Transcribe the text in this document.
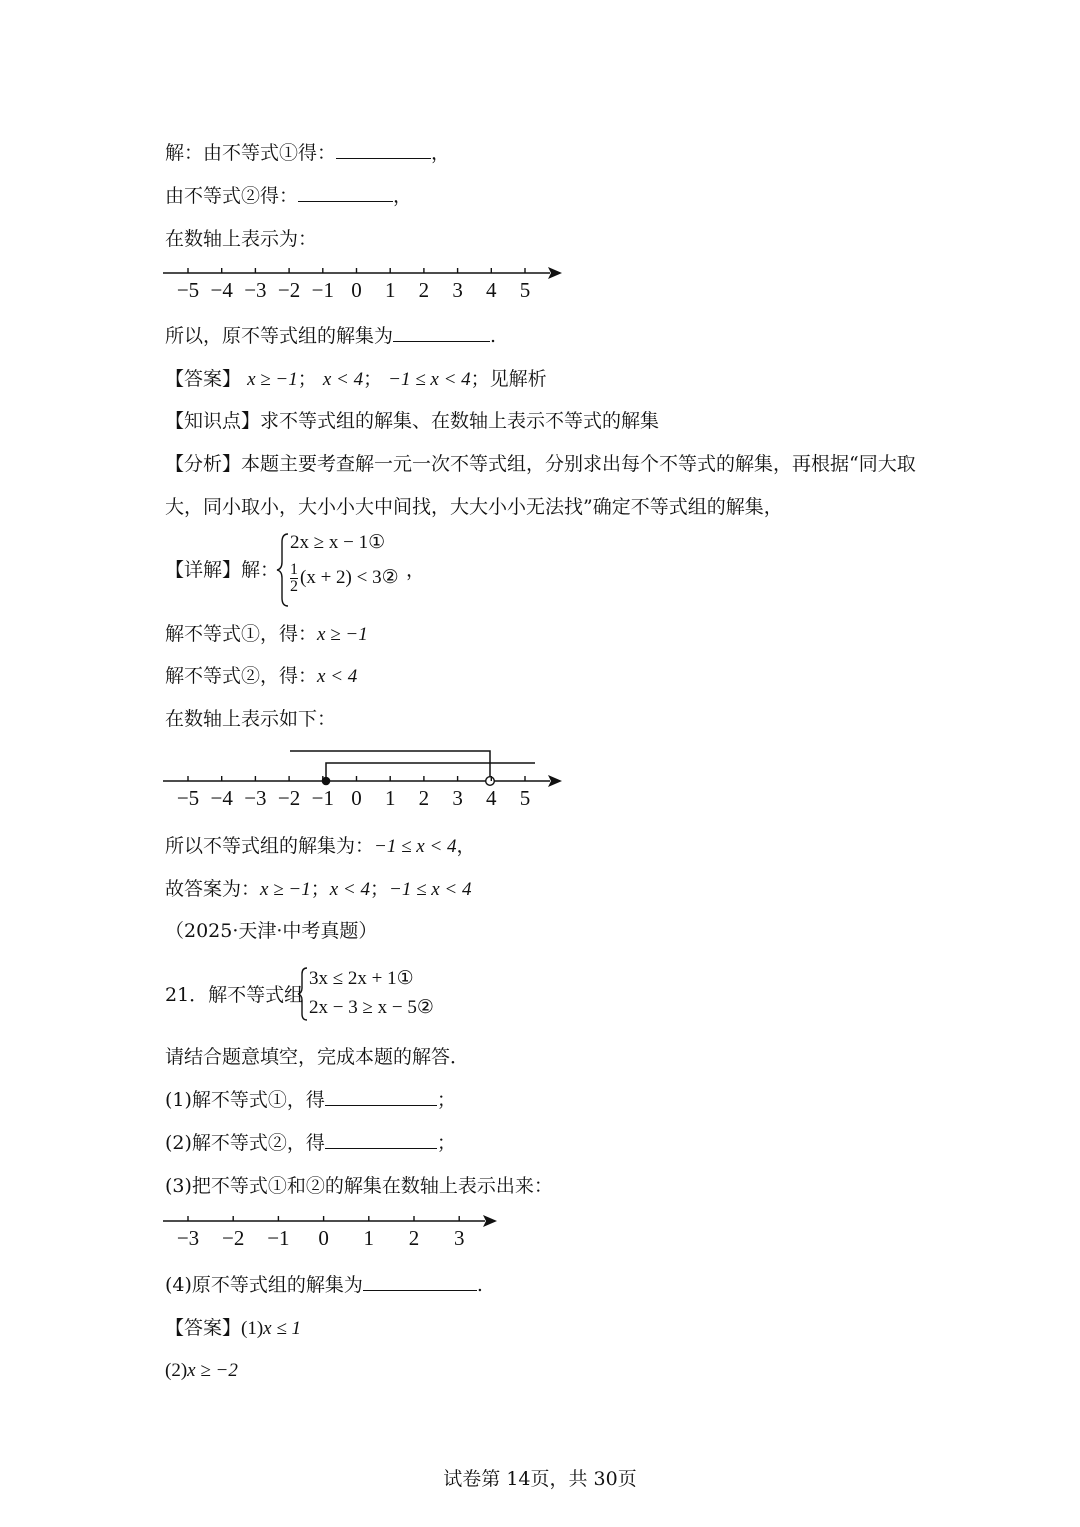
解：由不等式①得：	，
由不等式②得：	，
在数轴上表示为：
−5 −4 −3 −2 −1 0 1 2 3 4 5
所以，原不等式组的解集为	.
【答案】 x ≥ −1； x < 4； −1 ≤ x < 4；见解析
【知识点】求不等式组的解集、在数轴上表示不等式的解集
【分析】本题主要考查解一元一次不等式组，分别求出每个不等式的解集，再根据“同大取
大，同小取小，大小小大中间找，大大小小无法找”确定不等式组的解集，
【详解】解：
2x ≥ x − 1①
$\frac{1}{2} (x + 2)$ < 3② ，
解不等式①，得：x ≥ −1
解不等式②，得：x < 4
在数轴上表示如下：
−5 −4 −3 −2 −1 0 1 2 3 4 5
所以不等式组的解集为：−1 ≤ x < 4，
故答案为：x ≥ −1；x < 4；−1 ≤ x < 4
（2025·天津·中考真题）
21．解不等式组
3x ≤ 2x + 1①
2x − 3 ≥ x − 5②
请结合题意填空，完成本题的解答．
(1)解不等式①，得	；
(2)解不等式②，得	；
(3)把不等式①和②的解集在数轴上表示出来：
−3 −2 −1 0 1 2 3
(4)原不等式组的解集为	.
【答案】(1)x ≤ 1
(2)x ≥ −2
试卷第 14页，共 30页
